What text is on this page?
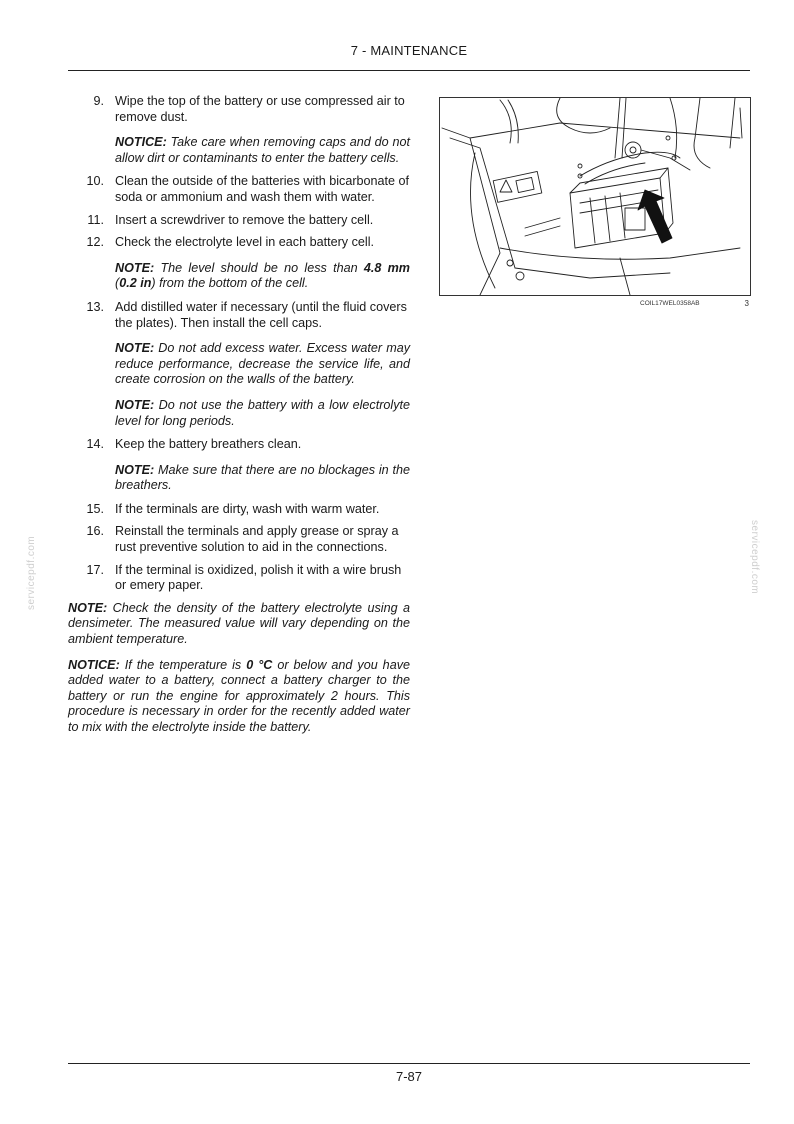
7 - MAINTENANCE
9. Wipe the top of the battery or use compressed air to remove dust.
NOTICE: Take care when removing caps and do not allow dirt or contaminants to enter the battery cells.
10. Clean the outside of the batteries with bicarbonate of soda or ammonium and wash them with water.
11. Insert a screwdriver to remove the battery cell.
12. Check the electrolyte level in each battery cell.
NOTE: The level should be no less than 4.8 mm (0.2 in) from the bottom of the cell.
13. Add distilled water if necessary (until the fluid covers the plates). Then install the cell caps.
NOTE: Do not add excess water. Excess water may reduce performance, decrease the service life, and create corrosion on the walls of the battery.
NOTE: Do not use the battery with a low electrolyte level for long periods.
14. Keep the battery breathers clean.
NOTE: Make sure that there are no blockages in the breathers.
15. If the terminals are dirty, wash with warm water.
16. Reinstall the terminals and apply grease or spray a rust preventive solution to aid in the connections.
17. If the terminal is oxidized, polish it with a wire brush or emery paper.
NOTE: Check the density of the battery electrolyte using a densimeter. The measured value will vary depending on the ambient temperature.
NOTICE: If the temperature is 0 °C or below and you have added water to a battery, connect a battery charger to the battery or run the engine for approximately 2 hours. This procedure is necessary in order for the recently added water to mix with the electrolyte inside the battery.
COIL17WEL0358AB	3
servicepdf.com	servicepdf.com
7-87
